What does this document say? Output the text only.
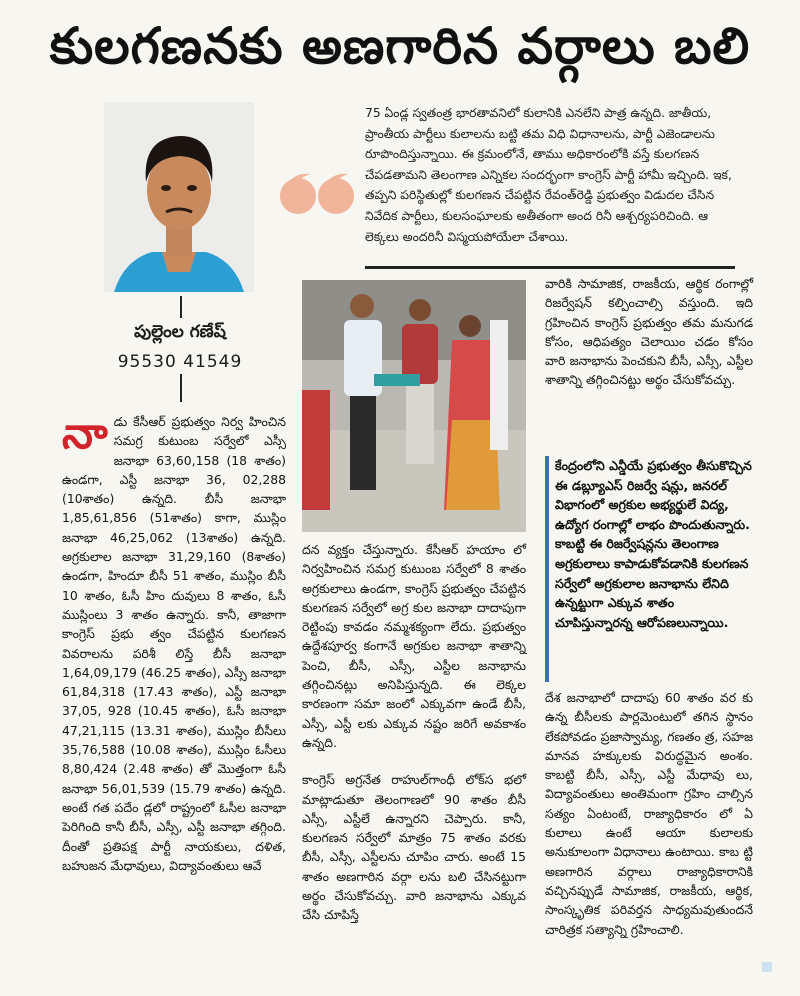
కులగణనకు అణగారిన వర్గాలు బలి
పుల్లెంల గణేష్
95530 41549
75 ఏండ్ల స్వతంత్ర భారతావనిలో కులానికి ఎనలేని పాత్ర ఉన్నది. జాతీయ, ప్రాంతీయ పార్టీలు కులాలను బట్టి తమ విధి విధానాలను, పార్టీ ఎజెండాలను రూపొందిస్తున్నాయి. ఈ క్రమంలోనే, తాము అధికారంలోకి వస్తే కులగణన చేపడతామని తెలంగాణ ఎన్నికల సందర్భంగా కాంగ్రెస్ పార్టీ హామీ ఇచ్చింది. ఇక, తప్పని పరిస్థితుల్లో కులగణన చేపట్టిన రేవంత్‌రెడ్డి ప్రభుత్వం విడుదల చేసిన నివేదిక పార్టీలు, కులసంఘాలకు అతీతంగా అంద రినీ ఆశ్చర్యపరిచింది. ఆ లెక్కలు అందరినీ విస్మయపోయేలా చేశాయి.
నా డు కేసీఆర్ ప్రభుత్వం నిర్వ హించిన సమగ్ర కుటుంబ సర్వేలో ఎస్సీ జనాభా 63,60,158 (18 శాతం) ఉండగా, ఎస్టీ జనాభా 36, 02,288 (10శాతం) ఉన్నది. బీసీ జనాభా 1,85,61,856 (51శాతం) కాగా, ముస్లిం జనాభా 46,25,062 (13శాతం) ఉన్నది. అగ్రకులాల జనాభా 31,29,160 (8శాతం) ఉండగా, హిందూ బీసీ 51 శాతం, ముస్లిం బీసీ 10 శాతం, ఓసీ హిం దువులు 8 శాతం, ఓసీ ముస్లింలు 3 శాతం ఉన్నారు. కానీ, తాజాగా కాంగ్రెస్ ప్రభు త్వం చేపట్టిన కులగణన వివరాలను పరిశీ లిస్తే బీసీ జనాభా 1,64,09,179 (46.25 శాతం), ఎస్సీ జనాభా 61,84,318 (17.43 శాతం), ఎస్టీ జనాభా 37,05, 928 (10.45 శాతం), ఓసీ జనాభా 47,21,115 (13.31 శాతం), ముస్లిం బీసీలు 35,76,588 (10.08 శాతం), ముస్లిం ఓసీలు 8,80,424 (2.48 శాతం) తో మొత్తంగా ఓసీ జనాభా 56,01,539 (15.79 శాతం) ఉన్నది. అంటే గత పదేం డ్లలో రాష్ట్రంలో ఓసీల జనాభా పెరిగింది కానీ బీసీ, ఎస్సీ, ఎస్టీ జనాభా తగ్గింది. దీంతో ప్రతిపక్ష పార్టీ నాయకులు, దళిత, బహుజన మేధావులు, విద్యావంతులు ఆవే

దన వ్యక్తం చేస్తున్నారు. కేసీఆర్ హయాం లో నిర్వహించిన సమగ్ర కుటుంబ సర్వేలో 8 శాతం అగ్రకులాలు ఉండగా, కాంగ్రెస్ ప్రభుత్వం చేపట్టిన కులగణన సర్వేలో అగ్ర కుల జనాభా దాదాపుగా రెట్టింపు కావడం నమ్మశక్యంగా లేదు. ప్రభుత్వం ఉద్దేశపూర్వ కంగానే అగ్రకుల జనాభా శాతాన్ని పెంచి, బీసీ, ఎస్సీ, ఎస్టీల జనాభాను తగ్గించినట్లు అనిపిస్తున్నది. ఈ లెక్కల కారణంగా సమా జంలో ఎక్కువగా ఉండే బీసీ, ఎస్సీ, ఎస్టీ లకు ఎక్కువ నష్టం జరిగే అవకాశం ఉన్నది.

కాంగ్రెస్ అగ్రనేత రాహుల్‌గాంధీ లోక్‌స భలో మాట్లాడుతూ తెలంగాణలో 90 శాతం బీసీ ఎస్సీ, ఎస్టీలే ఉన్నారని చెప్పారు. కానీ, కులగణన సర్వేలో మాత్రం 75 శాతం వరకు బీసీ, ఎస్సీ, ఎస్టీలను చూపిం చారు. అంటే 15 శాతం అణగారిన వర్గా లను బలి చేసినట్టుగా అర్థం చేసుకోవచ్చు. వారి జనాభాను ఎక్కువ చేసి చూపిస్తే

వారికి సామాజిక, రాజకీయ, ఆర్థిక రంగాల్లో రిజర్వేషన్ కల్పించాల్సి వస్తుంది. ఇది గ్రహించిన కాంగ్రెస్ ప్రభుత్వం తమ మనుగడ కోసం, ఆధిపత్యం చెలాయిం చడం కోసం వారి జనాభాను పెంచకుని బీసీ, ఎస్సీ, ఎస్టీల శాతాన్ని తగ్గించినట్టు అర్థం చేసుకోవచ్చు.

కేంద్రంలోని ఎన్డీయే ప్రభుత్వం తీసుకొచ్చిన ఈ డబ్ల్యూఎస్ రిజర్వే షన్లు, జనరల్ విభాగంలో అగ్రకుల అభ్యర్థులే విద్య, ఉద్యోగ రంగాల్లో లాభం పొందుతున్నారు. కాబట్టి ఈ రిజర్వేషన్లను తెలంగాణ అగ్రకులాలు కాపాడుకోవడానికి కులగణన సర్వేలో అగ్రకులాల జనాభాను లేనిది ఉన్నట్టుగా ఎక్కువ శాతం చూపిస్తున్నారన్న ఆరోపణలున్నాయి.

దేశ జనాభాలో దాదాపు 60 శాతం వర కు ఉన్న బీసీలకు పార్లమెంటులో తగిన స్థానం లేకపోవడం ప్రజాస్వామ్య, గణతం త్ర, సహజ మానవ హక్కులకు విరుద్ధమైన అంశం. కాబట్టి బీసీ, ఎస్సీ, ఎస్టీ మేధావు లు, విద్యావంతులు అంతిమంగా గ్రహిం చాల్సిన సత్యం ఏంటంటే, రాజ్యాధికారం లో ఏ కులాలు ఉంటే ఆయా కులాలకు అనుకూలంగా విధానాలు ఉంటాయి. కాబ ట్టి అణగారిన వర్గాలు రాజ్యాధికారానికి వచ్చినప్పుడే సామాజిక, రాజకీయ, ఆర్థిక, సాంస్కృతిక పరివర్తన సాధ్యమవుతుందనే చారిత్రక సత్యాన్ని గ్రహించాలి.
